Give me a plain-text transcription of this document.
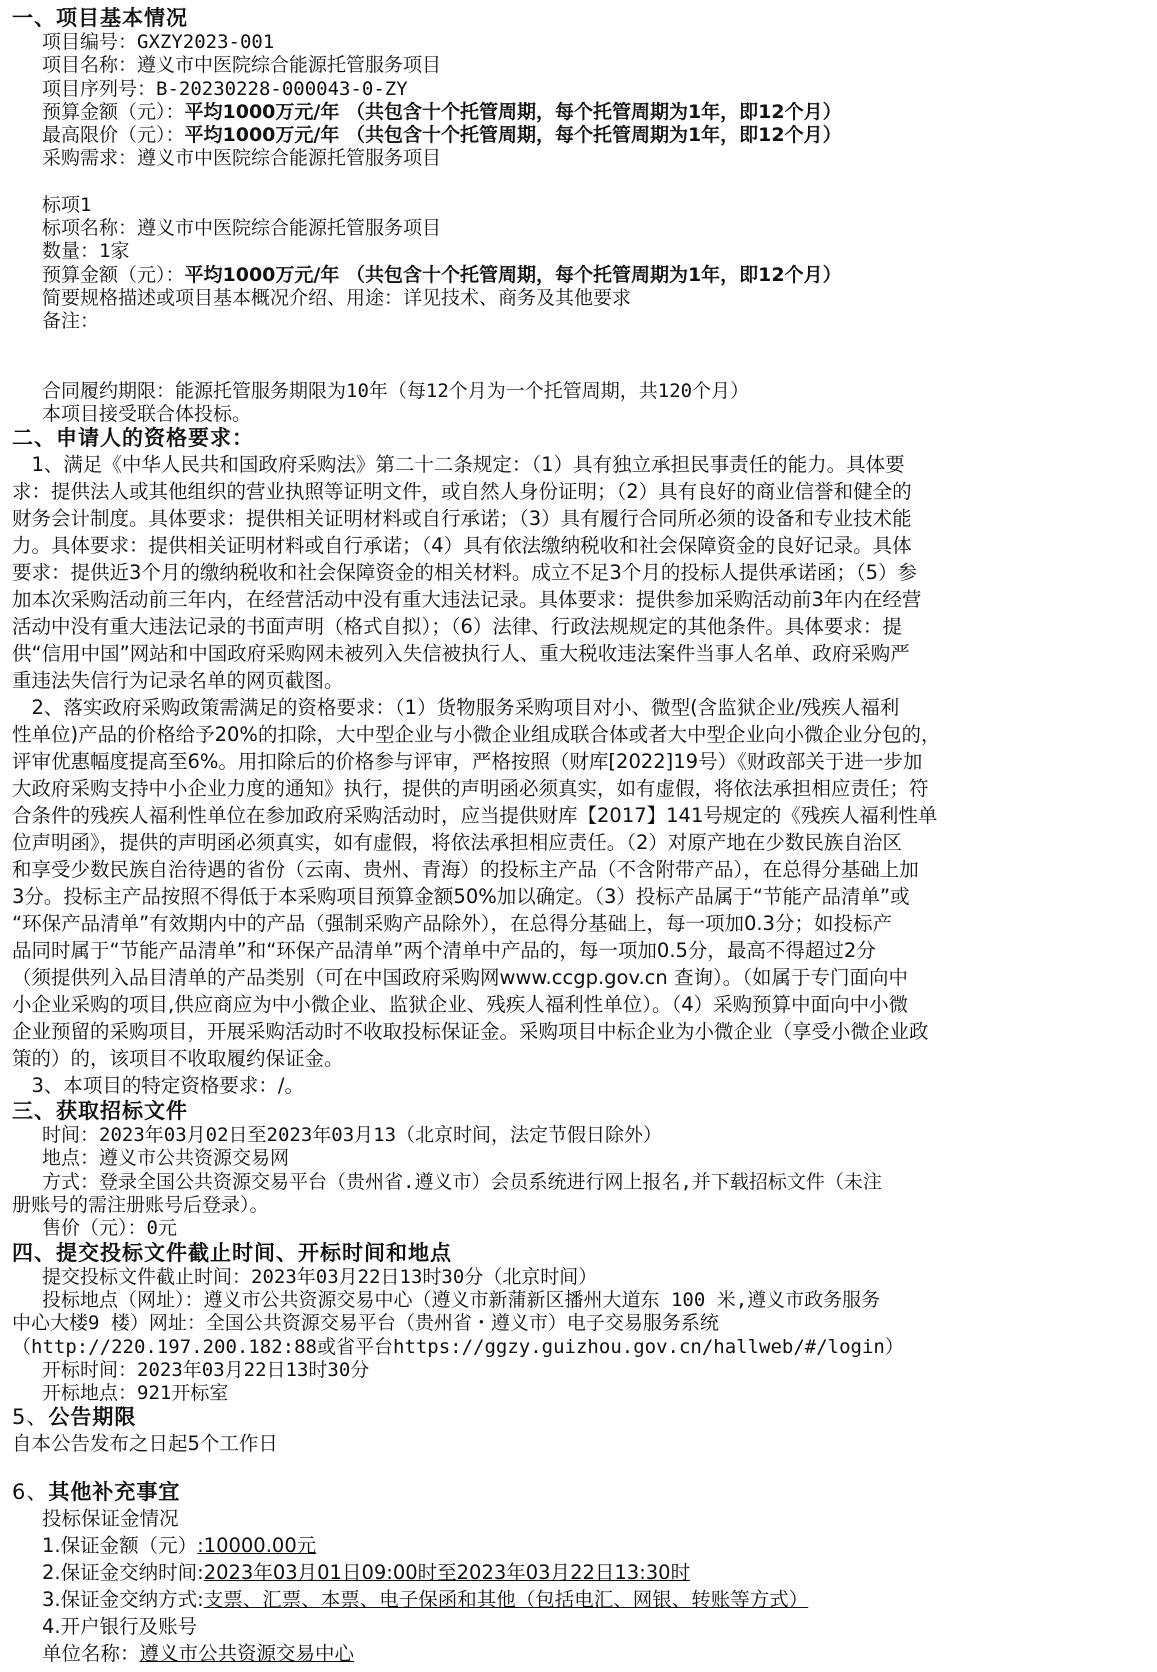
一、项目基本情况
项目编号：GXZY2023-001
项目名称：遵义市中医院综合能源托管服务项目
项目序列号：B-20230228-000043-0-ZY
预算金额（元）：平均1000万元/年 （共包含十个托管周期，每个托管周期为1年，即12个月）
最高限价（元）：平均1000万元/年 （共包含十个托管周期，每个托管周期为1年，即12个月）
采购需求：遵义市中医院综合能源托管服务项目
标项1
标项名称：遵义市中医院综合能源托管服务项目
数量：1家
预算金额（元）：平均1000万元/年 （共包含十个托管周期，每个托管周期为1年，即12个月）
简要规格描述或项目基本概况介绍、用途：详见技术、商务及其他要求
备注：
合同履约期限：能源托管服务期限为10年（每12个月为一个托管周期，共120个月）
本项目接受联合体投标。
二、申请人的资格要求：
　1、满足《中华人民共和国政府采购法》第二十二条规定：（1）具有独立承担民事责任的能力。具体要
求：提供法人或其他组织的营业执照等证明文件，或自然人身份证明；（2）具有良好的商业信誉和健全的
财务会计制度。具体要求：提供相关证明材料或自行承诺；（3）具有履行合同所必须的设备和专业技术能
力。具体要求：提供相关证明材料或自行承诺；（4）具有依法缴纳税收和社会保障资金的良好记录。具体
要求：提供近3个月的缴纳税收和社会保障资金的相关材料。成立不足3个月的投标人提供承诺函；（5）参
加本次采购活动前三年内，在经营活动中没有重大违法记录。具体要求：提供参加采购活动前3年内在经营
活动中没有重大违法记录的书面声明（格式自拟）；（6）法律、行政法规规定的其他条件。具体要求：提
供“信用中国”网站和中国政府采购网未被列入失信被执行人、重大税收违法案件当事人名单、政府采购严
重违法失信行为记录名单的网页截图。
　2、落实政府采购政策需满足的资格要求：（1）货物服务采购项目对小、微型(含监狱企业/残疾人福利
性单位)产品的价格给予20%的扣除，大中型企业与小微企业组成联合体或者大中型企业向小微企业分包的，
评审优惠幅度提高至6%。用扣除后的价格参与评审，严格按照（财库[2022]19号）《财政部关于进一步加
大政府采购支持中小企业力度的通知》执行，提供的声明函必须真实，如有虚假，将依法承担相应责任；符
合条件的残疾人福利性单位在参加政府采购活动时，应当提供财库【2017】141号规定的《残疾人福利性单
位声明函》，提供的声明函必须真实，如有虚假，将依法承担相应责任。（2）对原产地在少数民族自治区
和享受少数民族自治待遇的省份（云南、贵州、青海）的投标主产品（不含附带产品），在总得分基础上加
3分。投标主产品按照不得低于本采购项目预算金额50%加以确定。（3）投标产品属于“节能产品清单”或
“环保产品清单”有效期内中的产品（强制采购产品除外），在总得分基础上，每一项加0.3分；如投标产
品同时属于“节能产品清单”和“环保产品清单”两个清单中产品的，每一项加0.5分，最高不得超过2分
（须提供列入品目清单的产品类别（可在中国政府采购网www.ccgp.gov.cn 查询）。（如属于专门面向中
小企业采购的项目,供应商应为中小微企业、监狱企业、残疾人福利性单位）。（4）采购预算中面向中小微
企业预留的采购项目，开展采购活动时不收取投标保证金。采购项目中标企业为小微企业（享受小微企业政
策的）的，该项目不收取履约保证金。
　3、本项目的特定资格要求：/。
三、获取招标文件
时间：2023年03月02日至2023年03月13（北京时间，法定节假日除外）
地点：遵义市公共资源交易网
方式：登录全国公共资源交易平台（贵州省.遵义市）会员系统进行网上报名,并下载招标文件（未注
册账号的需注册账号后登录）。
售价（元）：0元
四、提交投标文件截止时间、开标时间和地点
提交投标文件截止时间：2023年03月22日13时30分（北京时间）
投标地点（网址）：遵义市公共资源交易中心（遵义市新蒲新区播州大道东 100 米,遵义市政务服务
中心大楼9 楼）网址：全国公共资源交易平台（贵州省・遵义市）电子交易服务系统
（http://220.197.200.182:88或省平台https://ggzy.guizhou.gov.cn/hallweb/#/login）
开标时间：2023年03月22日13时30分
开标地点：921开标室
5、公告期限
自本公告发布之日起5个工作日
6、其他补充事宜
投标保证金情况
1.保证金额（元）:10000.00元
2.保证金交纳时间:2023年03月01日09:00时至2023年03月22日13:30时
3.保证金交纳方式:支票、汇票、本票、电子保函和其他（包括电汇、网银、转账等方式）
4.开户银行及账号
单位名称：遵义市公共资源交易中心
